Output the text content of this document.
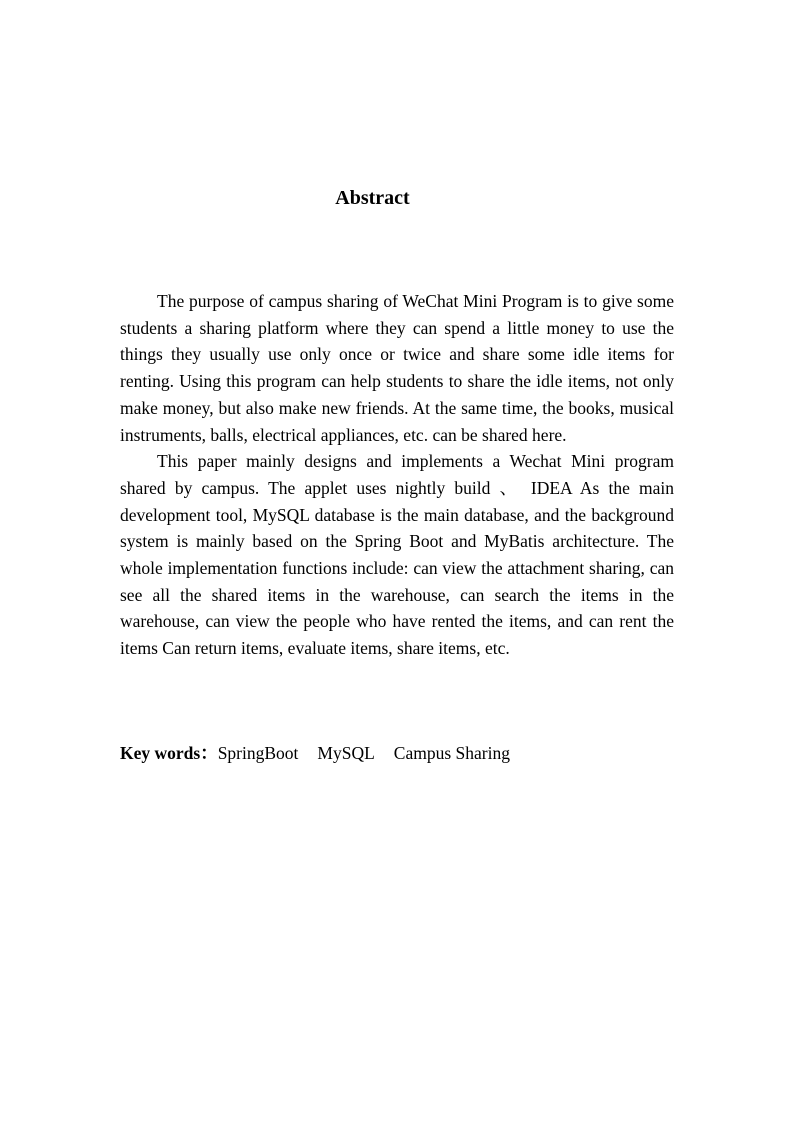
Abstract

The purpose of campus sharing of WeChat Mini Program is to give some students a sharing platform where they can spend a little money to use the things they usually use only once or twice and share some idle items for renting. Using this program can help students to share the idle items, not only make money, but also make new friends. At the same time, the books, musical instruments, balls, electrical appliances, etc. can be shared here.

This paper mainly designs and implements a Wechat Mini program shared by campus. The applet uses nightly build 、 IDEA As the main development tool, MySQL database is the main database, and the background system is mainly based on the Spring Boot and MyBatis architecture. The whole implementation functions include: can view the attachment sharing, can see all the shared items in the warehouse, can search the items in the warehouse, can view the people who have rented the items, and can rent the items Can return items, evaluate items, share items, etc.

Key words：SpringBoot MySQL Campus Sharing
